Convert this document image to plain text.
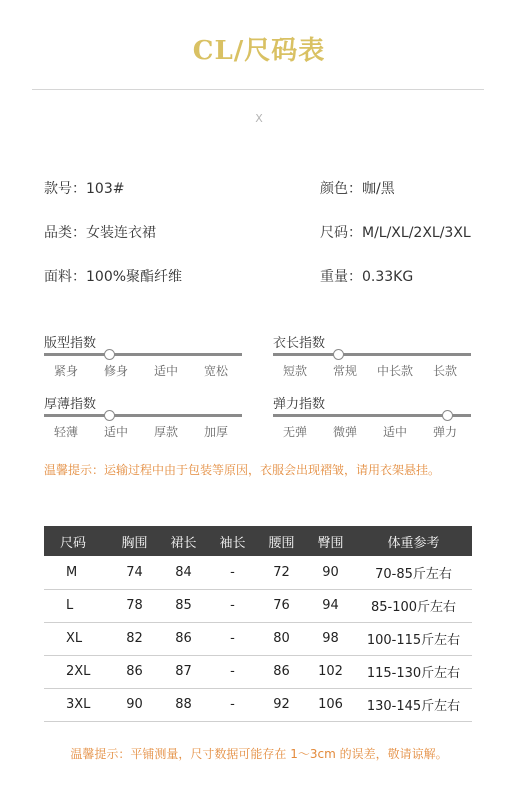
CL/尺码表
X
款号：103#	颜色：咖/黑
品类：女装连衣裙	尺码：M/L/XL/2XL/3XL
面料：100%聚酯纤维	重量：0.33KG
版型指数
紧身	修身	适中	宽松
衣长指数
短款	常规	中长款	长款
厚薄指数
轻薄	适中	厚款	加厚
弹力指数
无弹	微弹	适中	弹力
温馨提示：运输过程中由于包装等原因，衣服会出现褶皱，请用衣架悬挂。
尺码	胸围	裙长	袖长	腰围	臀围	体重参考
M	74	84	-	72	90	70-85斤左右
L	78	85	-	76	94	85-100斤左右
XL	82	86	-	80	98	100-115斤左右
2XL	86	87	-	86	102	115-130斤左右
3XL	90	88	-	92	106	130-145斤左右
温馨提示：平铺测量，尺寸数据可能存在 1～3cm 的误差，敬请谅解。
